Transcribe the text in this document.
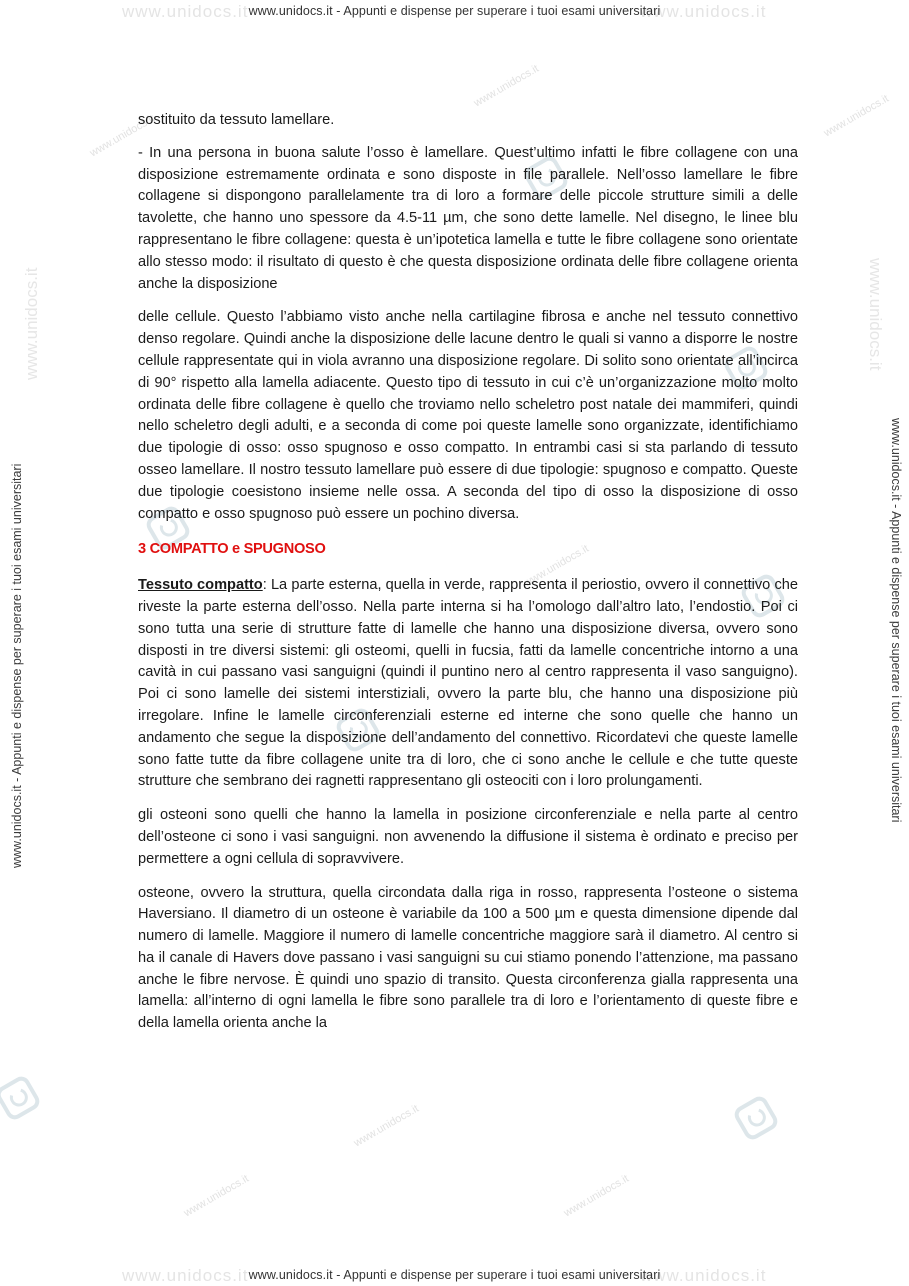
www.unidocs.it	www.unidocs.it
www.unidocs.it	www.unidocs.it
www.unidocs.it - Appunti e dispense per superare i tuoi esami universitari
www.unidocs.it - Appunti e dispense per superare i tuoi esami universitari
www.unidocs.it - Appunti e dispense per superare i tuoi esami universitari	www.unidocs.it - Appunti e dispense per superare i tuoi esami universitari
www.unidocs.it	www.unidocs.it
www.unidocs.it
www.unidocs.it
www.unidocs.it
www.unidocs.it
www.unidocs.it
www.unidocs.it
www.unidocs.it

sostituito da tessuto lamellare.

- In una persona in buona salute l’osso è lamellare. Quest’ultimo infatti le fibre collagene con una disposizione estremamente ordinata e sono disposte in file parallele. Nell’osso lamellare le fibre collagene si dispongono parallelamente tra di loro a formare delle piccole strutture simili a delle tavolette, che hanno uno spessore da 4.5-11 µm, che sono dette lamelle. Nel disegno, le linee blu rappresentano le fibre collagene: questa è un’ipotetica lamella e tutte le fibre collagene sono orientate allo stesso modo: il risultato di questo è che questa disposizione ordinata delle fibre collagene orienta anche la disposizione

delle cellule. Questo l’abbiamo visto anche nella cartilagine fibrosa e anche nel tessuto connettivo denso regolare. Quindi anche la disposizione delle lacune dentro le quali si vanno a disporre le nostre cellule rappresentate qui in viola avranno una disposizione regolare. Di solito sono orientate all’incirca di 90° rispetto alla lamella adiacente. Questo tipo di tessuto in cui c’è un’organizzazione molto molto ordinata delle fibre collagene è quello che troviamo nello scheletro post natale dei mammiferi, quindi nello scheletro degli adulti, e a seconda di come poi queste lamelle sono organizzate, identifichiamo due tipologie di osso: osso spugnoso e osso compatto. In entrambi casi si sta parlando di tessuto osseo lamellare. Il nostro tessuto lamellare può essere di due tipologie: spugnoso e compatto. Queste due tipologie coesistono insieme nelle ossa. A seconda del tipo di osso la disposizione di osso compatto e osso spugnoso può essere un pochino diversa.

3 COMPATTO e SPUGNOSO

Tessuto compatto: La parte esterna, quella in verde, rappresenta il periostio, ovvero il connettivo che riveste la parte esterna dell’osso. Nella parte interna si ha l’omologo dall’altro lato, l’endostio. Poi ci sono tutta una serie di strutture fatte di lamelle che hanno una disposizione diversa, ovvero sono disposti in tre diversi sistemi: gli osteomi, quelli in fucsia, fatti da lamelle concentriche intorno a una cavità in cui passano vasi sanguigni (quindi il puntino nero al centro rappresenta il vaso sanguigno). Poi ci sono lamelle dei sistemi interstiziali, ovvero la parte blu, che hanno una disposizione più irregolare. Infine le lamelle circonferenziali esterne ed interne che sono quelle che hanno un andamento che segue la disposizione dell’andamento del connettivo. Ricordatevi che queste lamelle sono fatte tutte da fibre collagene unite tra di loro, che ci sono anche le cellule e che tutte queste strutture che sembrano dei ragnetti rappresentano gli osteociti con i loro prolungamenti.

gli osteoni sono quelli che hanno la lamella in posizione circonferenziale e nella parte al centro dell’osteone ci sono i vasi sanguigni. non avvenendo la diffusione il sistema è ordinato e preciso per permettere a ogni cellula di sopravvivere.

osteone, ovvero la struttura, quella circondata dalla riga in rosso, rappresenta l’osteone o sistema Haversiano. Il diametro di un osteone è variabile da 100 a 500 µm e questa dimensione dipende dal numero di lamelle. Maggiore il numero di lamelle concentriche maggiore sarà il diametro. Al centro si ha il canale di Havers dove passano i vasi sanguigni su cui stiamo ponendo l’attenzione, ma passano anche le fibre nervose. È quindi uno spazio di transito. Questa circonferenza gialla rappresenta una lamella: all’interno di ogni lamella le fibre sono parallele tra di loro e l’orientamento di queste fibre e della lamella orienta anche la
